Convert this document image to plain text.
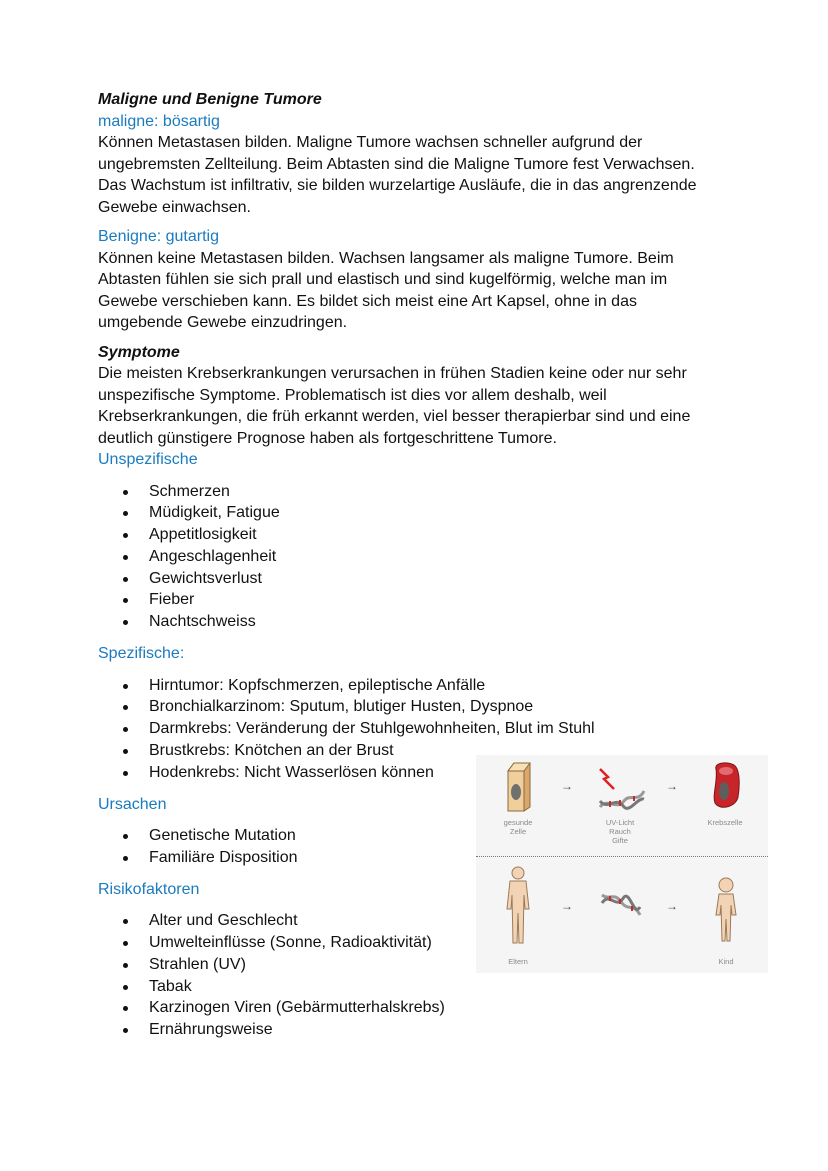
Maligne und Benigne Tumore
maligne: bösartig
Können Metastasen bilden. Maligne Tumore wachsen schneller aufgrund der
ungebremsten Zellteilung. Beim Abtasten sind die Maligne Tumore fest Verwachsen.
Das Wachstum ist infiltrativ, sie bilden wurzelartige Ausläufe, die in das angrenzende
Gewebe einwachsen.
Benigne: gutartig
Können keine Metastasen bilden. Wachsen langsamer als maligne Tumore. Beim
Abtasten fühlen sie sich prall und elastisch und sind kugelförmig, welche man im
Gewebe verschieben kann. Es bildet sich meist eine Art Kapsel, ohne in das
umgebende Gewebe einzudringen.
Symptome
Die meisten Krebserkrankungen verursachen in frühen Stadien keine oder nur sehr
unspezifische Symptome. Problematisch ist dies vor allem deshalb, weil
Krebserkrankungen, die früh erkannt werden, viel besser therapierbar sind und eine
deutlich günstigere Prognose haben als fortgeschrittene Tumore.
Unspezifische
Schmerzen
Müdigkeit, Fatigue
Appetitlosigkeit
Angeschlagenheit
Gewichtsverlust
Fieber
Nachtschweiss
Spezifische:
Hirntumor: Kopfschmerzen, epileptische Anfälle
Bronchialkarzinom: Sputum, blutiger Husten, Dyspnoe
Darmkrebs: Veränderung der Stuhlgewohnheiten, Blut im Stuhl
Brustkrebs: Knötchen an der Brust
Hodenkrebs: Nicht Wasserlösen können
Ursachen
Genetische Mutation
Familiäre Disposition
Risikofaktoren
Alter und Geschlecht
Umwelteinflüsse (Sonne, Radioaktivität)
Strahlen (UV)
Tabak
Karzinogen Viren (Gebärmutterhalskrebs)
Ernährungsweise
gesunde
Zelle
→
UV-Licht
Rauch
Gifte
→
Krebszelle
Eltern
→	→
Kind
